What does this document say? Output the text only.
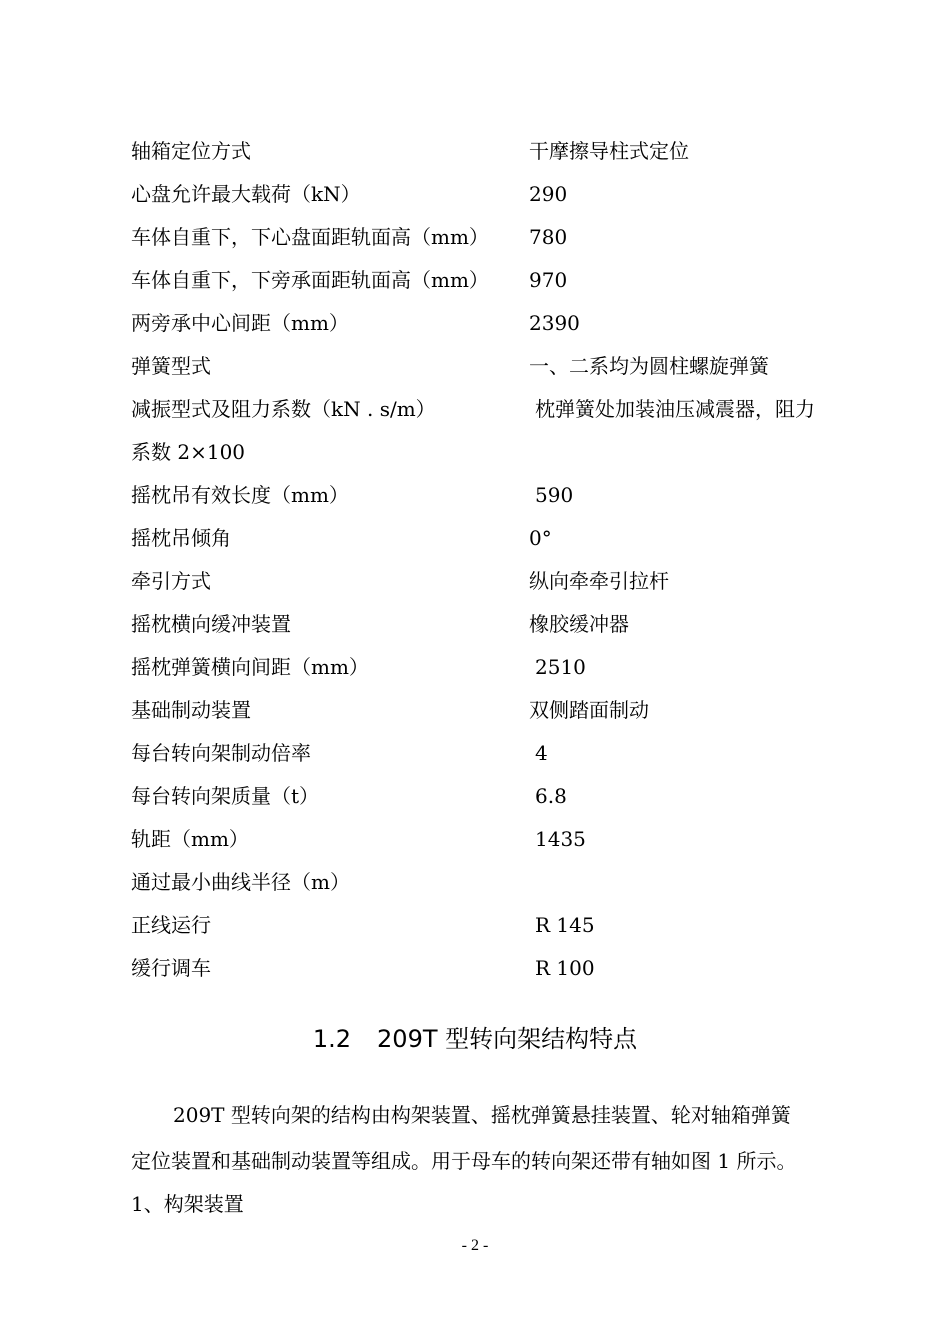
轴箱定位方式	干摩擦导柱式定位
心盘允许最大载荷（kN）	290
车体自重下，下心盘面距轨面高（mm） 780
车体自重下，下旁承面距轨面高（mm） 970
两旁承中心间距（mm）	2390
弹簧型式	一、二系均为圆柱螺旋弹簧
减振型式及阻力系数（kN . s/m）	枕弹簧处加装油压减震器，阻力
系数 2×100
摇枕吊有效长度（mm）	590
摇枕吊倾角	0°
牵引方式	纵向牵牵引拉杆
摇枕横向缓冲装置	橡胶缓冲器
摇枕弹簧横向间距（mm）	2510
基础制动装置	双侧踏面制动
每台转向架制动倍率	4
每台转向架质量（t）	6.8
轨距（mm）	1435
通过最小曲线半径（m）
正线运行	R 145
缓行调车	R 100
1.2 209T 型转向架结构特点
209T 型转向架的结构由构架装置、摇枕弹簧悬挂装置、轮对轴箱弹簧
定位装置和基础制动装置等组成。用于母车的转向架还带有轴如图 1 所示。
1、构架装置
- 2 -
